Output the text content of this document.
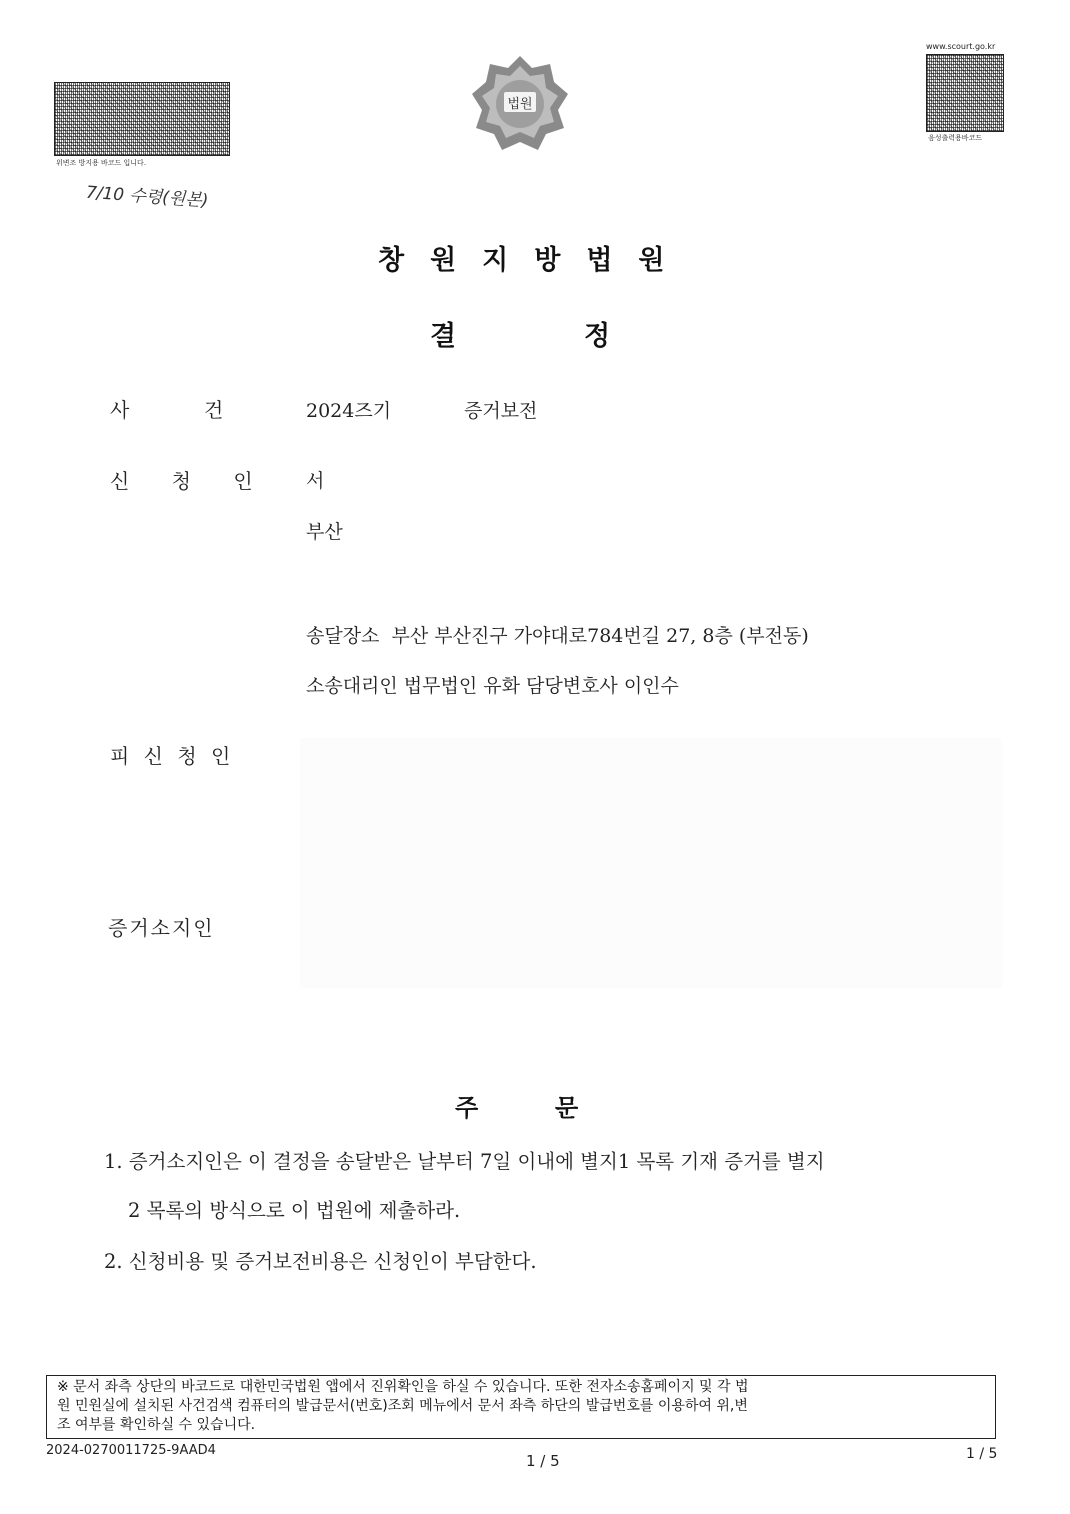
위변조 방지용 바코드 입니다.
7/10 수령(원본)
법원
www.scourt.go.kr
음성출력용바코드
창원지방법원
결	정
사	건	2024즈기	증거보전
신 청 인 서
부산
송달장소  부산 부산진구 가야대로784번길 27, 8층 (부전동)
소송대리인 법무법인 유화 담당변호사 이인수
피 신 청 인
증거소지인
주	문
1. 증거소지인은 이 결정을 송달받은 날부터 7일 이내에 별지1 목록 기재 증거를 별지
2 목록의 방식으로 이 법원에 제출하라.
2. 신청비용 및 증거보전비용은 신청인이 부담한다.
※ 문서 좌측 상단의 바코드로 대한민국법원 앱에서 진위확인을 하실 수 있습니다. 또한 전자소송홈페이지 및 각 법
원 민원실에 설치된 사건검색 컴퓨터의 발급문서(번호)조회 메뉴에서 문서 좌측 하단의 발급번호를 이용하여 위,변
조 여부를 확인하실 수 있습니다.
2024-0270011725-9AAD4
1 / 5	1 / 5
